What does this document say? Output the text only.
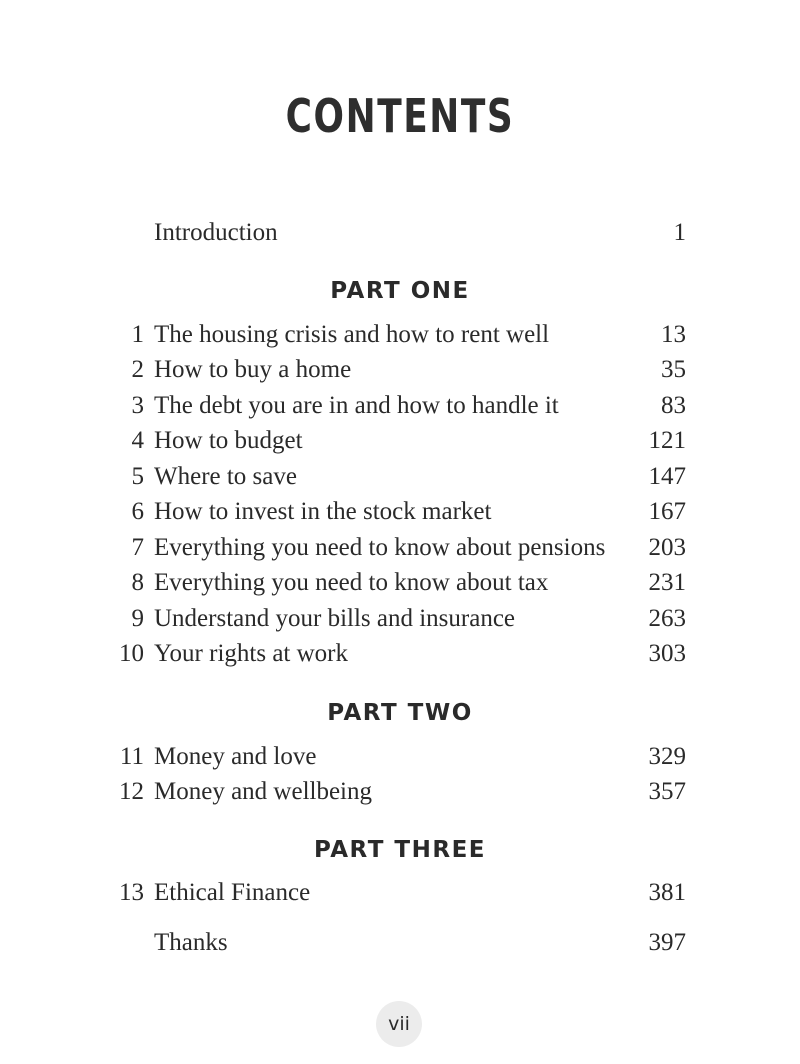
CONTENTS
Introduction	1
PART ONE
1 The housing crisis and how to rent well	13
2 How to buy a home	35
3 The debt you are in and how to handle it	83
4 How to budget	121
5 Where to save	147
6 How to invest in the stock market	167
7 Everything you need to know about pensions 203
8 Everything you need to know about tax	231
9 Understand your bills and insurance	263
10 Your rights at work	303
PART TWO
11 Money and love	329
12 Money and wellbeing	357
PART THREE
13 Ethical Finance	381
Thanks	397
vii
